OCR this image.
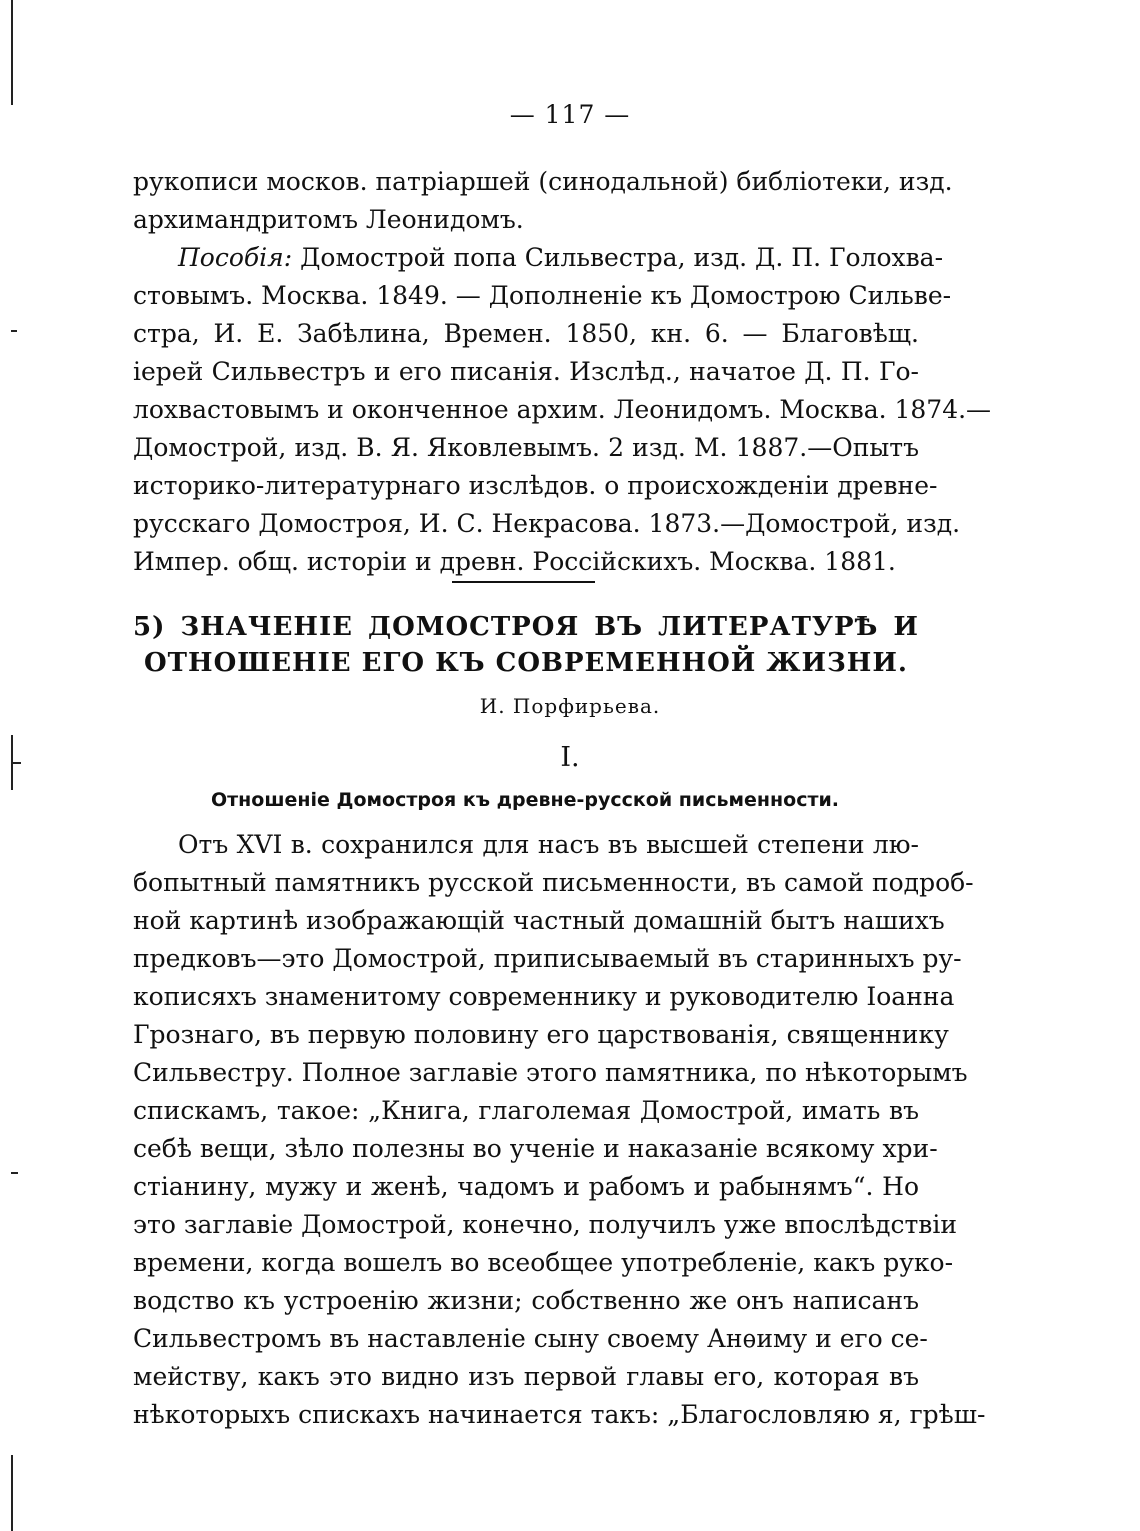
— 117 —
рукописи москов. патріаршей (синодальной) библіотеки, изд.
архимандритомъ Леонидомъ.
Пособія: Домострой попа Сильвестра, изд. Д. П. Голохва-
стовымъ. Москва. 1849. — Дополненіе къ Домострою Сильве-
стра, И. Е. Забѣлина, Времен. 1850, кн. 6. — Благовѣщ.
іерей Сильвестръ и его писанія. Изслѣд., начатое Д. П. Го-
лохвастовымъ и оконченное архим. Леонидомъ. Москва. 1874.—
Домострой, изд. В. Я. Яковлевымъ. 2 изд. М. 1887.—Опытъ
историко-литературнаго изслѣдов. о происхожденіи древне-
русскаго Домостроя, И. С. Некрасова. 1873.—Домострой, изд.
Импер. общ. исторіи и древн. Россійскихъ. Москва. 1881.
5) ЗНАЧЕНІЕ ДОМОСТРОЯ ВЪ ЛИТЕРАТУРѢ И
ОТНОШЕНІЕ ЕГО КЪ СОВРЕМЕННОЙ ЖИЗНИ.
И. Порфирьева.
I.
Отношеніе Домостроя къ древне-русской письменности.
Отъ XVI в. сохранился для насъ въ высшей степени лю-
бопытный памятникъ русской письменности, въ самой подроб-
ной картинѣ изображающій частный домашній бытъ нашихъ
предковъ—это Домострой, приписываемый въ старинныхъ ру-
кописяхъ знаменитому современнику и руководителю Іоанна
Грознаго, въ первую половину его царствованія, священнику
Сильвестру. Полное заглавіе этого памятника, по нѣкоторымъ
спискамъ, такое: „Книга, глаголемая Домострой, имать въ
себѣ вещи, зѣло полезны во ученіе и наказаніе всякому хри-
стіанину, мужу и женѣ, чадомъ и рабомъ и рабынямъ“. Но
это заглавіе Домострой, конечно, получилъ уже впослѣдствіи
времени, когда вошелъ во всеобщее употребленіе, какъ руко-
водство къ устроенію жизни; собственно же онъ написанъ
Сильвестромъ въ наставленіе сыну своему Анѳиму и его се-
мейству, какъ это видно изъ первой главы его, которая въ
нѣкоторыхъ спискахъ начинается такъ: „Благословляю я, грѣш-
